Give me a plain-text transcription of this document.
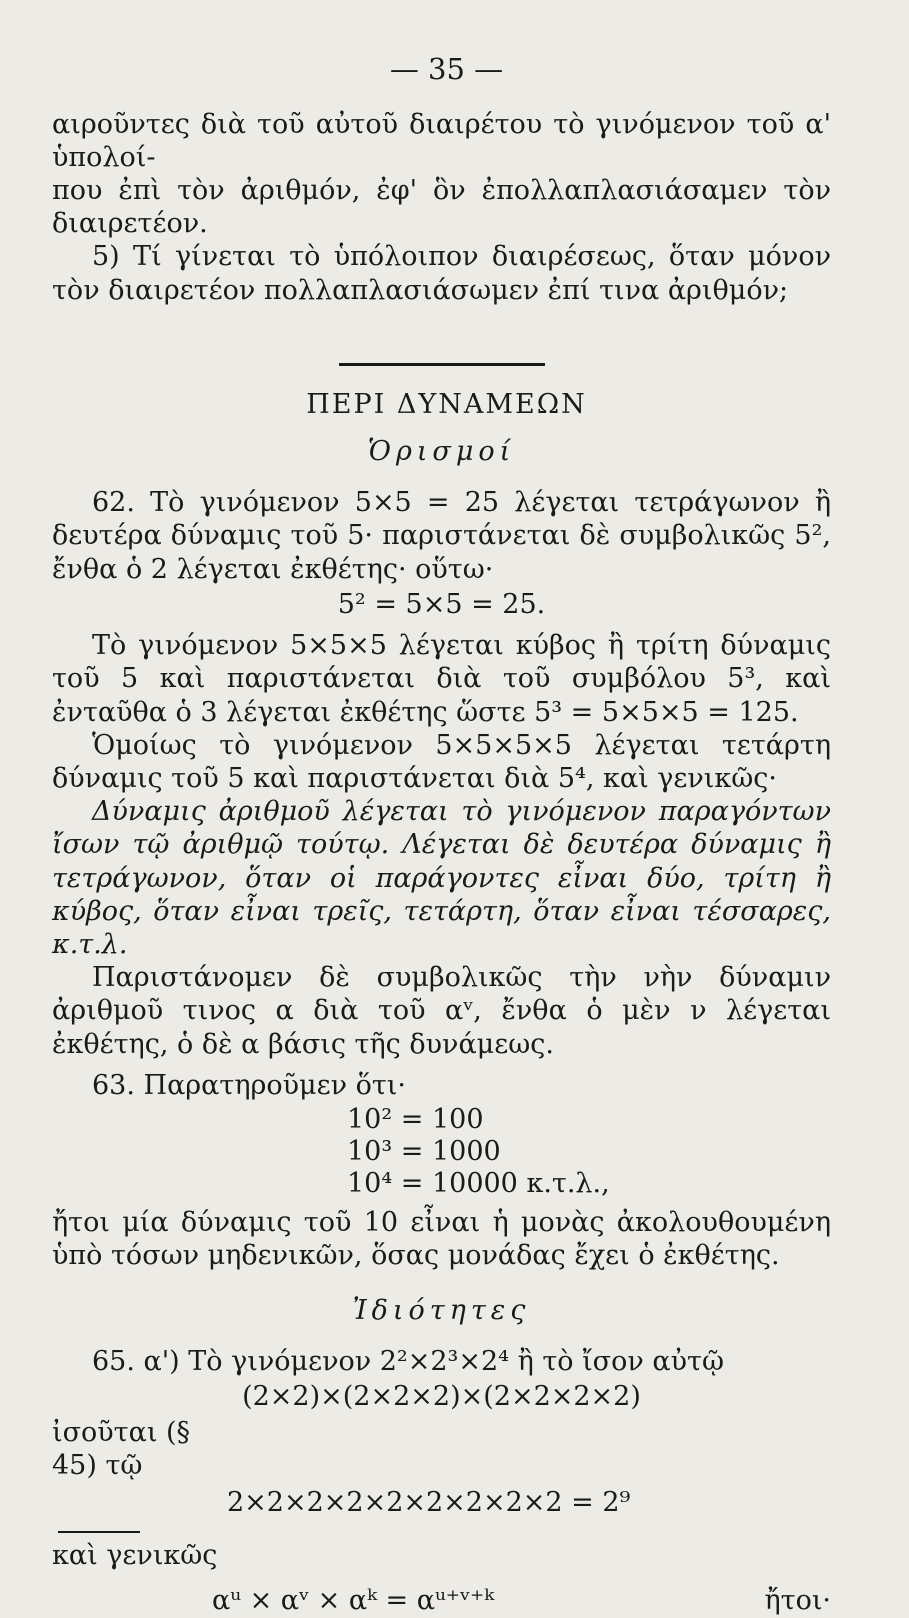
— 35 —

αιροῦντες διὰ τοῦ αὐτοῦ διαιρέτου τὸ γινόμενον τοῦ α' ὑπολοί-

που ἐπὶ τὸν ἀριθμόν, ἐφ' ὃν ἐπολλαπλασιάσαμεν τὸν διαιρετέον.

5) Τί γίνεται τὸ ὑπόλοιπον διαιρέσεως, ὅταν μόνον τὸν διαιρετέον πολλαπλασιάσωμεν ἐπί τινα ἀριθμόν;

ΠΕΡΙ ΔΥΝΑΜΕΩΝ
Ὁρισμοί

62. Τὸ γινόμενον 5×5 = 25 λέγεται τετράγωνον ἢ δευτέρα δύναμις τοῦ 5· παριστάνεται δὲ συμβολικῶς 5², ἔνθα ὁ 2 λέγεται ἐκθέτης· οὕτω·

5² = 5×5 = 25.

Τὸ γινόμενον 5×5×5 λέγεται κύβος ἢ τρίτη δύναμις τοῦ 5 καὶ παριστάνεται διὰ τοῦ συμβόλου 5³, καὶ ἐνταῦθα ὁ 3 λέγεται ἐκθέτης ὥστε 5³ = 5×5×5 = 125.

Ὁμοίως τὸ γινόμενον 5×5×5×5 λέγεται τετάρτη δύναμις τοῦ 5 καὶ παριστάνεται διὰ 5⁴, καὶ γενικῶς·

Δύναμις ἀριθμοῦ λέγεται τὸ γινόμενον παραγόντων ἴσων τῷ ἀριθμῷ τούτῳ. Λέγεται δὲ δευτέρα δύναμις ἢ τετράγωνον, ὅταν οἱ παράγοντες εἶναι δύο, τρίτη ἢ κύβος, ὅταν εἶναι τρεῖς, τετάρτη, ὅταν εἶναι τέσσαρες, κ.τ.λ.

Παριστάνομεν δὲ συμβολικῶς τὴν νὴν δύναμιν ἀριθμοῦ τινος α διὰ τοῦ αᵛ, ἔνθα ὁ μὲν ν λέγεται ἐκθέτης, ὁ δὲ α βάσις τῆς δυνάμεως.

63. Παρατηροῦμεν ὅτι·

10² = 100
10³ = 1000
10⁴ = 10000 κ.τ.λ.,

ἤτοι μία δύναμις τοῦ 10 εἶναι ἡ μονὰς ἀκολουθουμένη ὑπὸ τόσων μηδενικῶν, ὅσας μονάδας ἔχει ὁ ἐκθέτης.

Ἰδιότητες

65. α') Τὸ γινόμενον 2²×2³×2⁴ ἢ τὸ ἴσον αὐτῷ

(2×2)×(2×2×2)×(2×2×2×2)
ἰσοῦται (§ 45) τῷ
2×2×2×2×2×2×2×2×2 = 2⁹

καὶ γενικῶς

αᵘ × αᵛ × αᵏ = αᵘ⁺ᵛ⁺ᵏ	ἤτοι·
